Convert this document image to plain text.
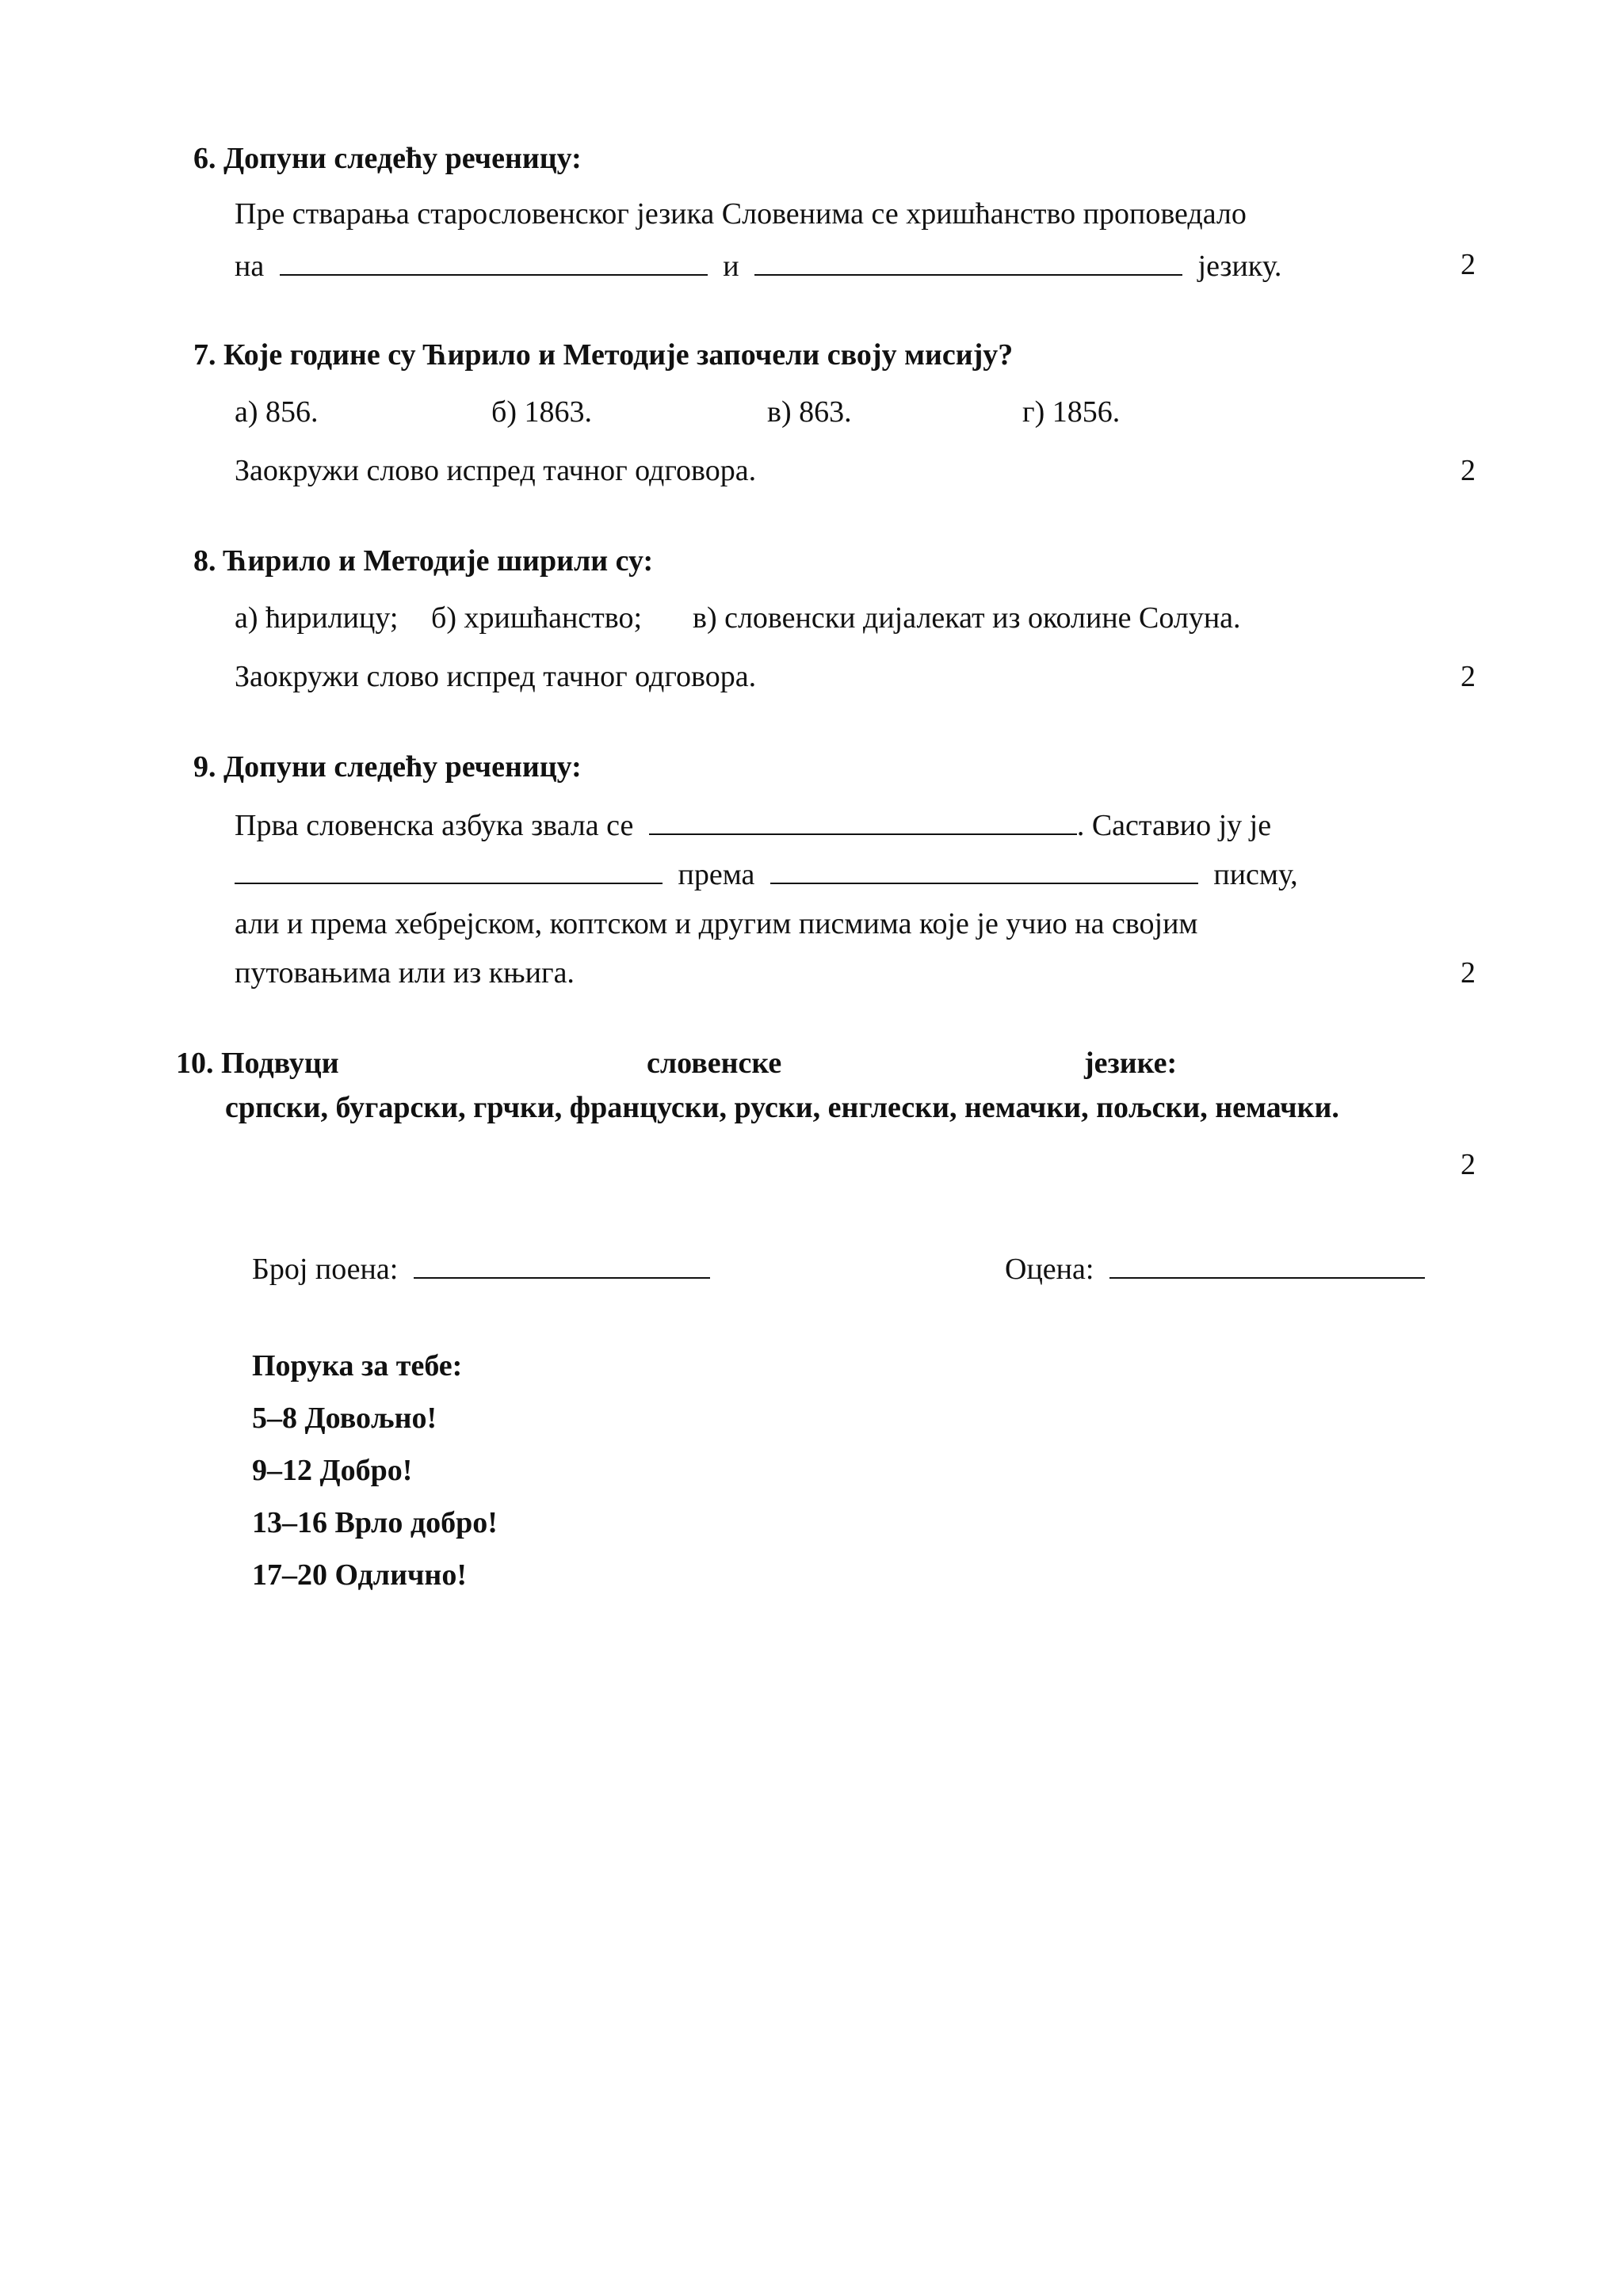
6. Допуни следећу реченицу:
Пре стварања старословенског језика Словенима се хришћанство проповедало
на	и	језику.	2
7. Које године су Ћирило и Методије започели своју мисију?
а) 856.	б) 1863.	в) 863.	г) 1856.
Заокружи слово испред тачног одговора.	2
8. Ћирило и Методије ширили су:
а) ћирилицу; б) хришћанство; в) словенски дијалекат из околине Солуна.
Заокружи слово испред тачног одговора.	2
9. Допуни следећу реченицу:
Прва словенска азбука звала се	. Саставио ју је
према	писму,
али и према хебрејском, коптском и другим писмима које је учио на својим
путовањима или из књига.	2
10. Подвуци	словенске	језике:
српски, бугарски, грчки, француски, руски, енглески, немачки, пољски, немачки.
2
Број поена:	Оцена:
Порука за тебе:
5–8 Довољно!
9–12 Добро!
13–16 Врло добро!
17–20 Одлично!
